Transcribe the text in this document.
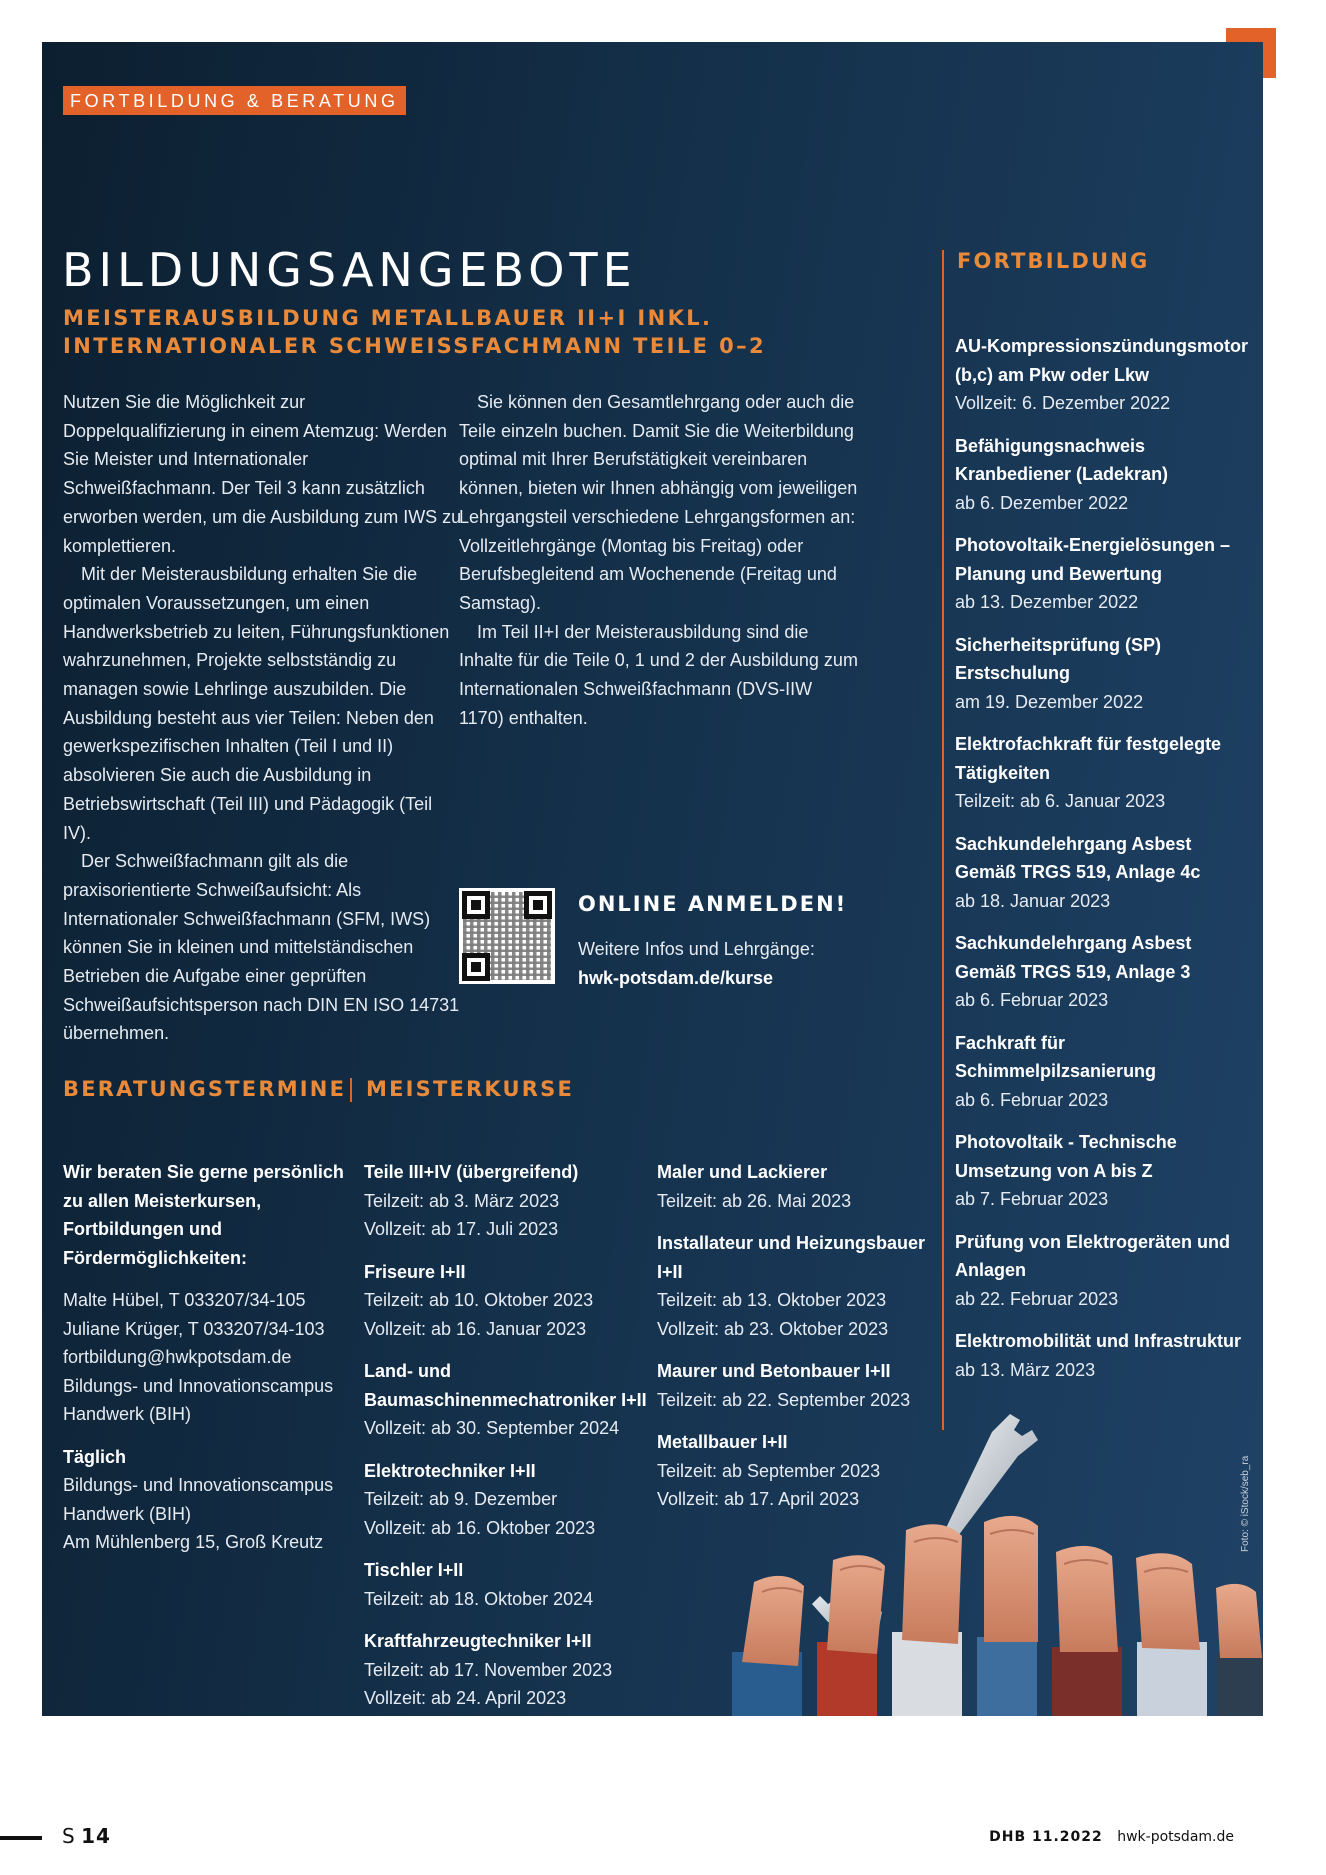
FORTBILDUNG & BERATUNG
BILDUNGSANGEBOTE
MEISTERAUSBILDUNG METALLBAUER II+I INKL. INTERNATIONALER SCHWEISSFACHMANN TEILE 0–2

Nutzen Sie die Möglichkeit zur Doppelqualifizierung in einem Atemzug: Werden Sie Meister und Internationaler Schweißfachmann. Der Teil 3 kann zusätzlich erworben werden, um die Ausbildung zum IWS zu komplettieren.

Mit der Meisterausbildung erhalten Sie die optimalen Voraussetzungen, um einen Handwerksbetrieb zu leiten, Führungsfunktionen wahrzunehmen, Projekte selbstständig zu managen sowie Lehrlinge auszubilden. Die Ausbildung besteht aus vier Teilen: Neben den gewerkspezifischen Inhalten (Teil I und II) absolvieren Sie auch die Ausbildung in Betriebswirtschaft (Teil III) und Pädagogik (Teil IV).

Der Schweißfachmann gilt als die praxisorientierte Schweißaufsicht: Als Internationaler Schweißfachmann (SFM, IWS) können Sie in kleinen und mittelständischen Betrieben die Aufgabe einer geprüften Schweißaufsichtsperson nach DIN EN ISO 14731 übernehmen.

Sie können den Gesamtlehrgang oder auch die Teile einzeln buchen. Damit Sie die Weiterbildung optimal mit Ihrer Berufstätigkeit vereinbaren können, bieten wir Ihnen abhängig vom jeweiligen Lehrgangsteil verschiedene Lehrgangsformen an: Vollzeitlehrgänge (Montag bis Freitag) oder Berufsbegleitend am Wochenende (Freitag und Samstag).

Im Teil II+I der Meisterausbildung sind die Inhalte für die Teile 0, 1 und 2 der Ausbildung zum Internationalen Schweißfachmann (DVS-IIW 1170) enthalten.

ONLINE ANMELDEN!
Weitere Infos und Lehrgänge:
hwk-potsdam.de/kurse
BERATUNGSTERMINE

Wir beraten Sie gerne persönlich zu allen Meisterkursen, Fortbildungen und Fördermöglichkeiten:

Malte Hübel, T 033207/34-105

Juliane Krüger, T 033207/34-103

fortbildung@hwkpotsdam.de

Bildungs- und Innovationscampus Handwerk (BIH)

Täglich

Bildungs- und Innovationscampus Handwerk (BIH)

Am Mühlenberg 15, Groß Kreutz

MEISTERKURSE
Teile III+IV (übergreifend)
Teilzeit: ab 3. März 2023
Vollzeit: ab 17. Juli 2023
Friseure I+II
Teilzeit: ab 10. Oktober 2023
Vollzeit: ab 16. Januar 2023
Land- und Baumaschinenmechatroniker I+II
Vollzeit: ab 30. September 2024
Elektrotechniker I+II
Teilzeit: ab 9. Dezember
Vollzeit: ab 16. Oktober 2023
Tischler I+II
Teilzeit: ab 18. Oktober 2024
Kraftfahrzeugtechniker I+II
Teilzeit: ab 17. November 2023
Vollzeit: ab 24. April 2023
Maler und Lackierer
Teilzeit: ab 26. Mai 2023
Installateur und Heizungsbauer I+II
Teilzeit: ab 13. Oktober 2023
Vollzeit: ab 23. Oktober 2023
Maurer und Betonbauer I+II
Teilzeit: ab 22. September 2023
Metallbauer I+II
Teilzeit: ab September 2023
Vollzeit: ab 17. April 2023
FORTBILDUNG
AU-Kompressionszündungsmotor (b,c) am Pkw oder Lkw
Vollzeit: 6. Dezember 2022
Befähigungsnachweis Kranbediener (Ladekran)
ab 6. Dezember 2022
Photovoltaik-Energielösungen – Planung und Bewertung
ab 13. Dezember 2022
Sicherheitsprüfung (SP) Erstschulung
am 19. Dezember 2022
Elektrofachkraft für festgelegte Tätigkeiten
Teilzeit: ab 6. Januar 2023
Sachkundelehrgang Asbest Gemäß TRGS 519, Anlage 4c
ab 18. Januar 2023
Sachkundelehrgang Asbest Gemäß TRGS 519, Anlage 3
ab 6. Februar 2023
Fachkraft für Schimmelpilzsanierung
ab 6. Februar 2023
Photovoltaik - Technische Umsetzung von A bis Z
ab 7. Februar 2023
Prüfung von Elektrogeräten und Anlagen
ab 22. Februar 2023
Elektromobilität und Infrastruktur
ab 13. März 2023
Foto: © iStock/seb_ra
S 14	DHB 11.2022 hwk-potsdam.de
